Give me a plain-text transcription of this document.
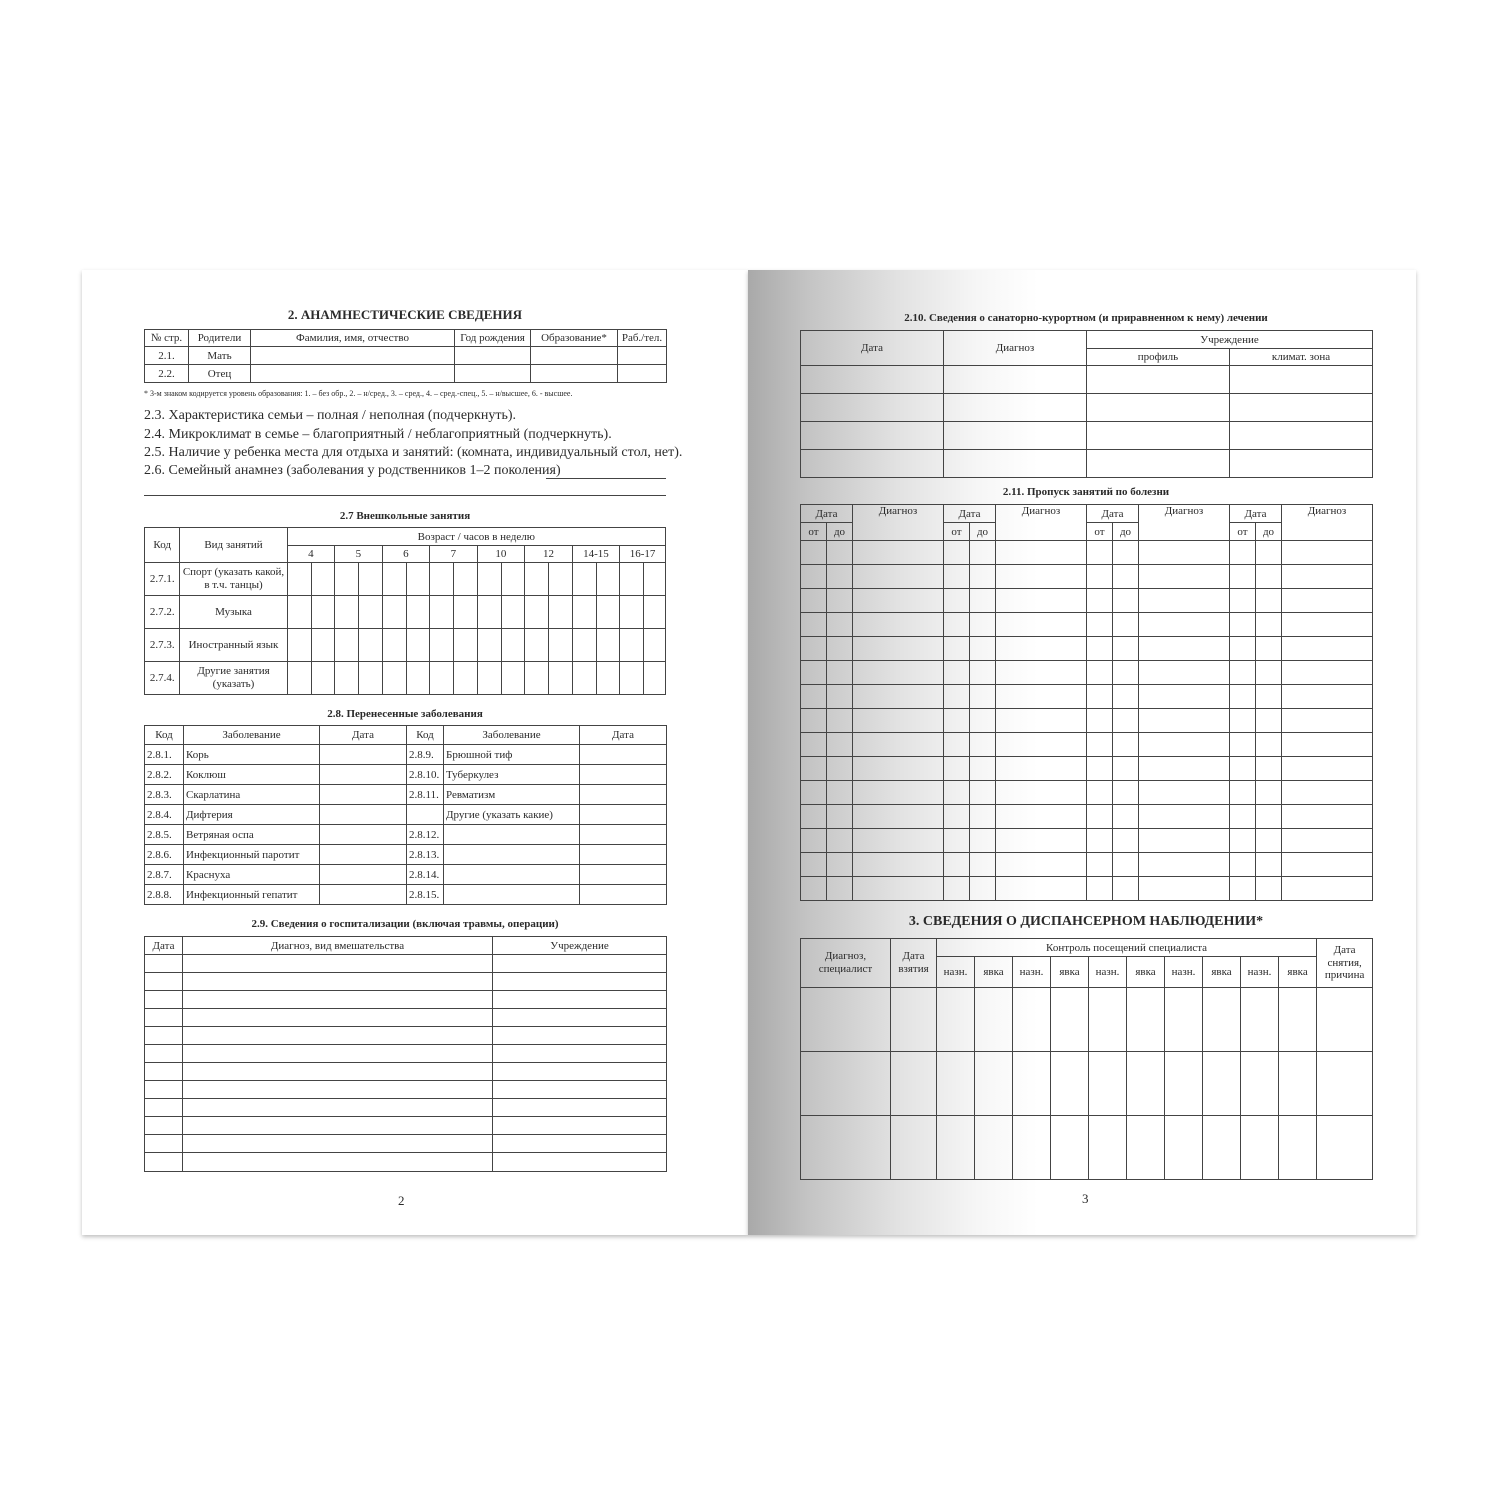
2. АНАМНЕСТИЧЕСКИЕ СВЕДЕНИЯ
№ стр.	Родители	Фамилия, имя, отчество	Год рождения	Образование*	Раб./тел.
2.1.	Мать				
2.2.	Отец				
* 3-м знаком кодируется уровень образования: 1. – без обр., 2. – н/сред., 3. – сред., 4. – сред.-спец., 5. – н/высшее, 6. - высшее.
2.3. Характеристика семьи – полная / неполная (подчеркнуть).
2.4. Микроклимат в семье – благоприятный / неблагоприятный (подчеркнуть).
2.5. Наличие у ребенка места для отдыха и занятий: (комната, индивидуальный стол, нет).
2.6. Семейный анамнез (заболевания у родственников 1–2 поколения)
2.7 Внешкольные занятия
Код	Вид занятий	Возраст / часов в неделю															
		4		5		6		7		10		12		14-15		16-17	
2.7.1.	Спорт (указать какой, в т.ч. танцы)																
2.7.2.	Музыка																
2.7.3.	Иностранный язык																
2.7.4.	Другие занятия (указать)																
2.8. Перенесенные заболевания
Код	Заболевание	Дата	Код	Заболевание	Дата
2.8.1.	Корь		2.8.9.	Брюшной тиф	
2.8.2.	Коклюш		2.8.10.	Туберкулез	
2.8.3.	Скарлатина		2.8.11.	Ревматизм	
2.8.4.	Дифтерия			Другие (указать какие)	
2.8.5.	Ветряная оспа		2.8.12.		
2.8.6.	Инфекционный паротит		2.8.13.		
2.8.7.	Краснуха		2.8.14.		
2.8.8.	Инфекционный гепатит		2.8.15.		
2.9. Сведения о госпитализации (включая травмы, операции)
Дата	Диагноз, вид вмешательства	Учреждение

2
2.10. Сведения о санаторно-курортном (и приравненном к нему) лечении
Дата	Диагноз	Учреждение	
		профиль	климат. зона

2.11. Пропуск занятий по болезни
Дата		Диагноз	Дата		Диагноз	Дата		Диагноз	Дата		Диагноз
от	до		от	до		от	до		от	до	

3. СВЕДЕНИЯ О ДИСПАНСЕРНОМ НАБЛЮДЕНИИ*
Диагноз, специалист	Дата взятия	Контроль посещений специалиста										Дата снятия, причина
		назн.	явка	назн.	явка	назн.	явка	назн.	явка	назн.	явка	

3
